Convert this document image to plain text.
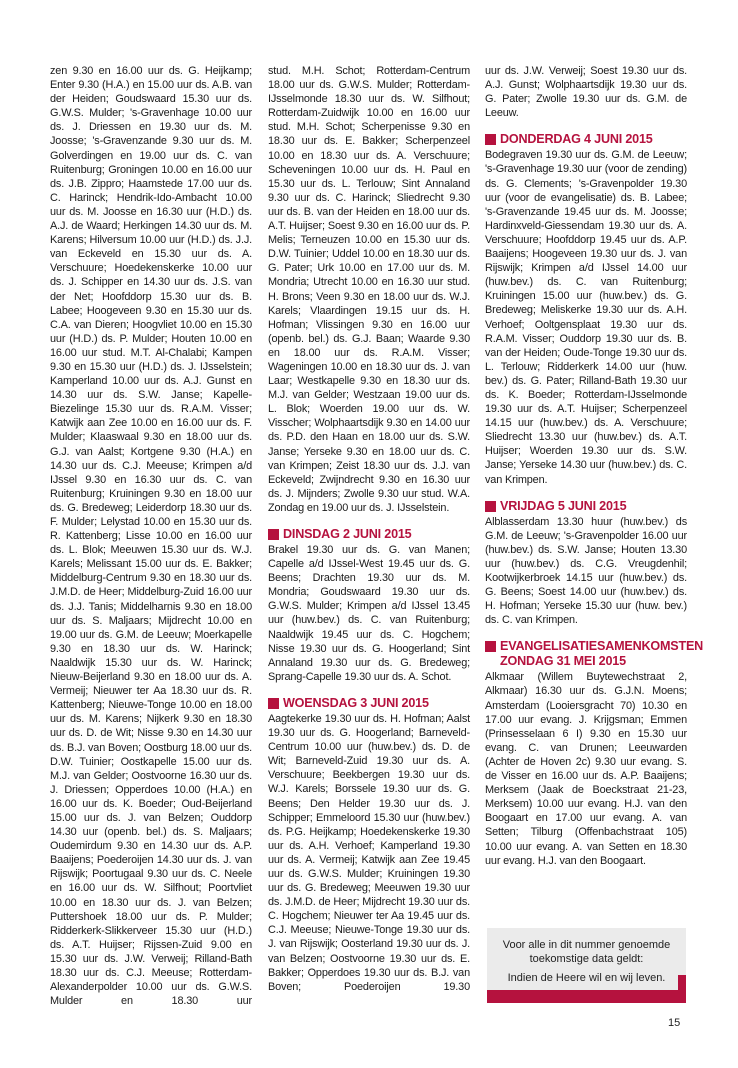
zen 9.30 en 16.00 uur ds. G. Heijkamp; Enter 9.30 (H.A.) en 15.00 uur ds. A.B. van der Heiden; Goudswaard 15.30 uur ds. G.W.S. Mulder; 's-Gravenhage 10.00 uur ds. J. Driessen en 19.30 uur ds. M. Joosse; 's-Gravenzande 9.30 uur ds. M. Golverdingen en 19.00 uur ds. C. van Ruitenburg; Groningen 10.00 en 16.00 uur ds. J.B. Zippro; Haamstede 17.00 uur ds. C. Harinck; Hendrik-Ido-Ambacht 10.00 uur ds. M. Joosse en 16.30 uur (H.D.) ds. A.J. de Waard; Herkingen 14.30 uur ds. M. Karens; Hilversum 10.00 uur (H.D.) ds. J.J. van Eckeveld en 15.30 uur ds. A. Verschuure; Hoedekenskerke 10.00 uur ds. J. Schipper en 14.30 uur ds. J.S. van der Net; Hoofddorp 15.30 uur ds. B. Labee; Hoogeveen 9.30 en 15.30 uur ds. C.A. van Dieren; Hoogvliet 10.00 en 15.30 uur (H.D.) ds. P. Mulder; Houten 10.00 en 16.00 uur stud. M.T. Al-Chalabi; Kampen 9.30 en 15.30 uur (H.D.) ds. J. IJsselstein; Kamperland 10.00 uur ds. A.J. Gunst en 14.30 uur ds. S.W. Janse; Kapelle-Biezelinge 15.30 uur ds. R.A.M. Visser; Katwijk aan Zee 10.00 en 16.00 uur ds. F. Mulder; Klaaswaal 9.30 en 18.00 uur ds. G.J. van Aalst; Kortgene 9.30 (H.A.) en 14.30 uur ds. C.J. Meeuse; Krimpen a/d IJssel 9.30 en 16.30 uur ds. C. van Ruitenburg; Kruiningen 9.30 en 18.00 uur ds. G. Bredeweg; Leiderdorp 18.30 uur ds. F. Mulder; Lelystad 10.00 en 15.30 uur ds. R. Kattenberg; Lisse 10.00 en 16.00 uur ds. L. Blok; Meeuwen 15.30 uur ds. W.J. Karels; Melissant 15.00 uur ds. E. Bakker; Middelburg-Centrum 9.30 en 18.30 uur ds. J.M.D. de Heer; Middelburg-Zuid 16.00 uur ds. J.J. Tanis; Middelharnis 9.30 en 18.00 uur ds. S. Maljaars; Mijdrecht 10.00 en 19.00 uur ds. G.M. de Leeuw; Moerkapelle 9.30 en 18.30 uur ds. W. Harinck; Naaldwijk 15.30 uur ds. W. Harinck; Nieuw-Beijerland 9.30 en 18.00 uur ds. A. Vermeij; Nieuwer ter Aa 18.30 uur ds. R. Kattenberg; Nieuwe-Tonge 10.00 en 18.00 uur ds. M. Karens; Nijkerk 9.30 en 18.30 uur ds. D. de Wit; Nisse 9.30 en 14.30 uur ds. B.J. van Boven; Oostburg 18.00 uur ds. D.W. Tuinier; Oostkapelle 15.00 uur ds. M.J. van Gelder; Oostvoorne 16.30 uur ds. J. Driessen; Opperdoes 10.00 (H.A.) en 16.00 uur ds. K. Boeder; Oud-Beijerland 15.00 uur ds. J. van Belzen; Ouddorp 14.30 uur (openb. bel.) ds. S. Maljaars; Oudemirdum 9.30 en 14.30 uur ds. A.P. Baaijens; Poederoijen 14.30 uur ds. J. van Rijswijk; Poortugaal 9.30 uur ds. C. Neele en 16.00 uur ds. W. Silfhout; Poortvliet 10.00 en 18.30 uur ds. J. van Belzen; Puttershoek 18.00 uur ds. P. Mulder; Ridderkerk-Slikkerveer 15.30 uur (H.D.) ds. A.T. Huijser; Rijssen-Zuid 9.00 en 15.30 uur ds. J.W. Verweij; Rilland-Bath 18.30 uur ds. C.J. Meeuse; Rotterdam-Alexanderpolder 10.00 uur ds. G.W.S. Mulder en 18.30 uur

stud. M.H. Schot; Rotterdam-Centrum 18.00 uur ds. G.W.S. Mulder; Rotterdam-IJsselmonde 18.30 uur ds. W. Silfhout; Rotterdam-Zuidwijk 10.00 en 16.00 uur stud. M.H. Schot; Scherpenisse 9.30 en 18.30 uur ds. E. Bakker; Scherpenzeel 10.00 en 18.30 uur ds. A. Verschuure; Scheveningen 10.00 uur ds. H. Paul en 15.30 uur ds. L. Terlouw; Sint Annaland 9.30 uur ds. C. Harinck; Sliedrecht 9.30 uur ds. B. van der Heiden en 18.00 uur ds. A.T. Huijser; Soest 9.30 en 16.00 uur ds. P. Melis; Terneuzen 10.00 en 15.30 uur ds. D.W. Tuinier; Uddel 10.00 en 18.30 uur ds. G. Pater; Urk 10.00 en 17.00 uur ds. M. Mondria; Utrecht 10.00 en 16.30 uur stud. H. Brons; Veen 9.30 en 18.00 uur ds. W.J. Karels; Vlaardingen 19.15 uur ds. H. Hofman; Vlissingen 9.30 en 16.00 uur (openb. bel.) ds. G.J. Baan; Waarde 9.30 en 18.00 uur ds. R.A.M. Visser; Wageningen 10.00 en 18.30 uur ds. J. van Laar; Westkapelle 9.30 en 18.30 uur ds. M.J. van Gelder; Westzaan 19.00 uur ds. L. Blok; Woerden 19.00 uur ds. W. Visscher; Wolphaartsdijk 9.30 en 14.00 uur ds. P.D. den Haan en 18.00 uur ds. S.W. Janse; Yerseke 9.30 en 18.00 uur ds. C. van Krimpen; Zeist 18.30 uur ds. J.J. van Eckeveld; Zwijndrecht 9.30 en 16.30 uur ds. J. Mijnders; Zwolle 9.30 uur stud. W.A. Zondag en 19.00 uur ds. J. IJsselstein.

DINSDAG 2 JUNI 2015

Brakel 19.30 uur ds. G. van Manen; Capelle a/d IJssel-West 19.45 uur ds. G. Beens; Drachten 19.30 uur ds. M. Mondria; Goudswaard 19.30 uur ds. G.W.S. Mulder; Krimpen a/d IJssel 13.45 uur (huw.bev.) ds. C. van Ruitenburg; Naaldwijk 19.45 uur ds. C. Hogchem; Nisse 19.30 uur ds. G. Hoogerland; Sint Annaland 19.30 uur ds. G. Bredeweg; Sprang-Capelle 19.30 uur ds. A. Schot.

WOENSDAG 3 JUNI 2015

Aagtekerke 19.30 uur ds. H. Hofman; Aalst 19.30 uur ds. G. Hoogerland; Barneveld-Centrum 10.00 uur (huw.bev.) ds. D. de Wit; Barneveld-Zuid 19.30 uur ds. A. Verschuure; Beekbergen 19.30 uur ds. W.J. Karels; Borssele 19.30 uur ds. G. Beens; Den Helder 19.30 uur ds. J. Schipper; Emmeloord 15.30 uur (huw.bev.) ds. P.G. Heijkamp; Hoedekenskerke 19.30 uur ds. A.H. Verhoef; Kamperland 19.30 uur ds. A. Vermeij; Katwijk aan Zee 19.45 uur ds. G.W.S. Mulder; Kruiningen 19.30 uur ds. G. Bredeweg; Meeuwen 19.30 uur ds. J.M.D. de Heer; Mijdrecht 19.30 uur ds. C. Hogchem; Nieuwer ter Aa 19.45 uur ds. C.J. Meeuse; Nieuwe-Tonge 19.30 uur ds. J. van Rijswijk; Oosterland 19.30 uur ds. J. van Belzen; Oostvoorne 19.30 uur ds. E. Bakker; Opperdoes 19.30 uur ds. B.J. van Boven; Poederoijen 19.30

uur ds. J.W. Verweij; Soest 19.30 uur ds. A.J. Gunst; Wolphaartsdijk 19.30 uur ds. G. Pater; Zwolle 19.30 uur ds. G.M. de Leeuw.

DONDERDAG 4 JUNI 2015

Bodegraven 19.30 uur ds. G.M. de Leeuw; 's-Gravenhage 19.30 uur (voor de zending) ds. G. Clements; 's-Gravenpolder 19.30 uur (voor de evangelisatie) ds. B. Labee; 's-Gravenzande 19.45 uur ds. M. Joosse; Hardinxveld-Giessendam 19.30 uur ds. A. Verschuure; Hoofddorp 19.45 uur ds. A.P. Baaijens; Hoogeveen 19.30 uur ds. J. van Rijswijk; Krimpen a/d IJssel 14.00 uur (huw.bev.) ds. C. van Ruitenburg; Kruiningen 15.00 uur (huw.bev.) ds. G. Bredeweg; Meliskerke 19.30 uur ds. A.H. Verhoef; Ooltgensplaat 19.30 uur ds. R.A.M. Visser; Ouddorp 19.30 uur ds. B. van der Heiden; Oude-Tonge 19.30 uur ds. L. Terlouw; Ridderkerk 14.00 uur (huw. bev.) ds. G. Pater; Rilland-Bath 19.30 uur ds. K. Boeder; Rotterdam-IJsselmonde 19.30 uur ds. A.T. Huijser; Scherpenzeel 14.15 uur (huw.bev.) ds. A. Verschuure; Sliedrecht 13.30 uur (huw.bev.) ds. A.T. Huijser; Woerden 19.30 uur ds. S.W. Janse; Yerseke 14.30 uur (huw.bev.) ds. C. van Krimpen.

VRIJDAG 5 JUNI 2015

Alblasserdam 13.30 huur (huw.bev.) ds G.M. de Leeuw; 's-Gravenpolder 16.00 uur (huw.bev.) ds. S.W. Janse; Houten 13.30 uur (huw.bev.) ds. C.G. Vreugdenhil; Kootwijkerbroek 14.15 uur (huw.bev.) ds. G. Beens; Soest 14.00 uur (huw.bev.) ds. H. Hofman; Yerseke 15.30 uur (huw. bev.) ds. C. van Krimpen.

EVANGELISATIESAMENKOMSTEN
ZONDAG 31 MEI 2015

Alkmaar (Willem Buytewechstraat 2, Alkmaar) 16.30 uur ds. G.J.N. Moens; Amsterdam (Looiersgracht 70) 10.30 en 17.00 uur evang. J. Krijgsman; Emmen (Prinsesselaan 6 I) 9.30 en 15.30 uur evang. C. van Drunen; Leeuwarden (Achter de Hoven 2c) 9.30 uur evang. S. de Visser en 16.00 uur ds. A.P. Baaijens; Merksem (Jaak de Boeckstraat 21-23, Merksem) 10.00 uur evang. H.J. van den Boogaart en 17.00 uur evang. A. van Setten; Tilburg (Offenbachstraat 105) 10.00 uur evang. A. van Setten en 18.30 uur evang. H.J. van den Boogaart.

Voor alle in dit nummer genoemde toekomstige data geldt:
Indien de Heere wil en wij leven.
15
